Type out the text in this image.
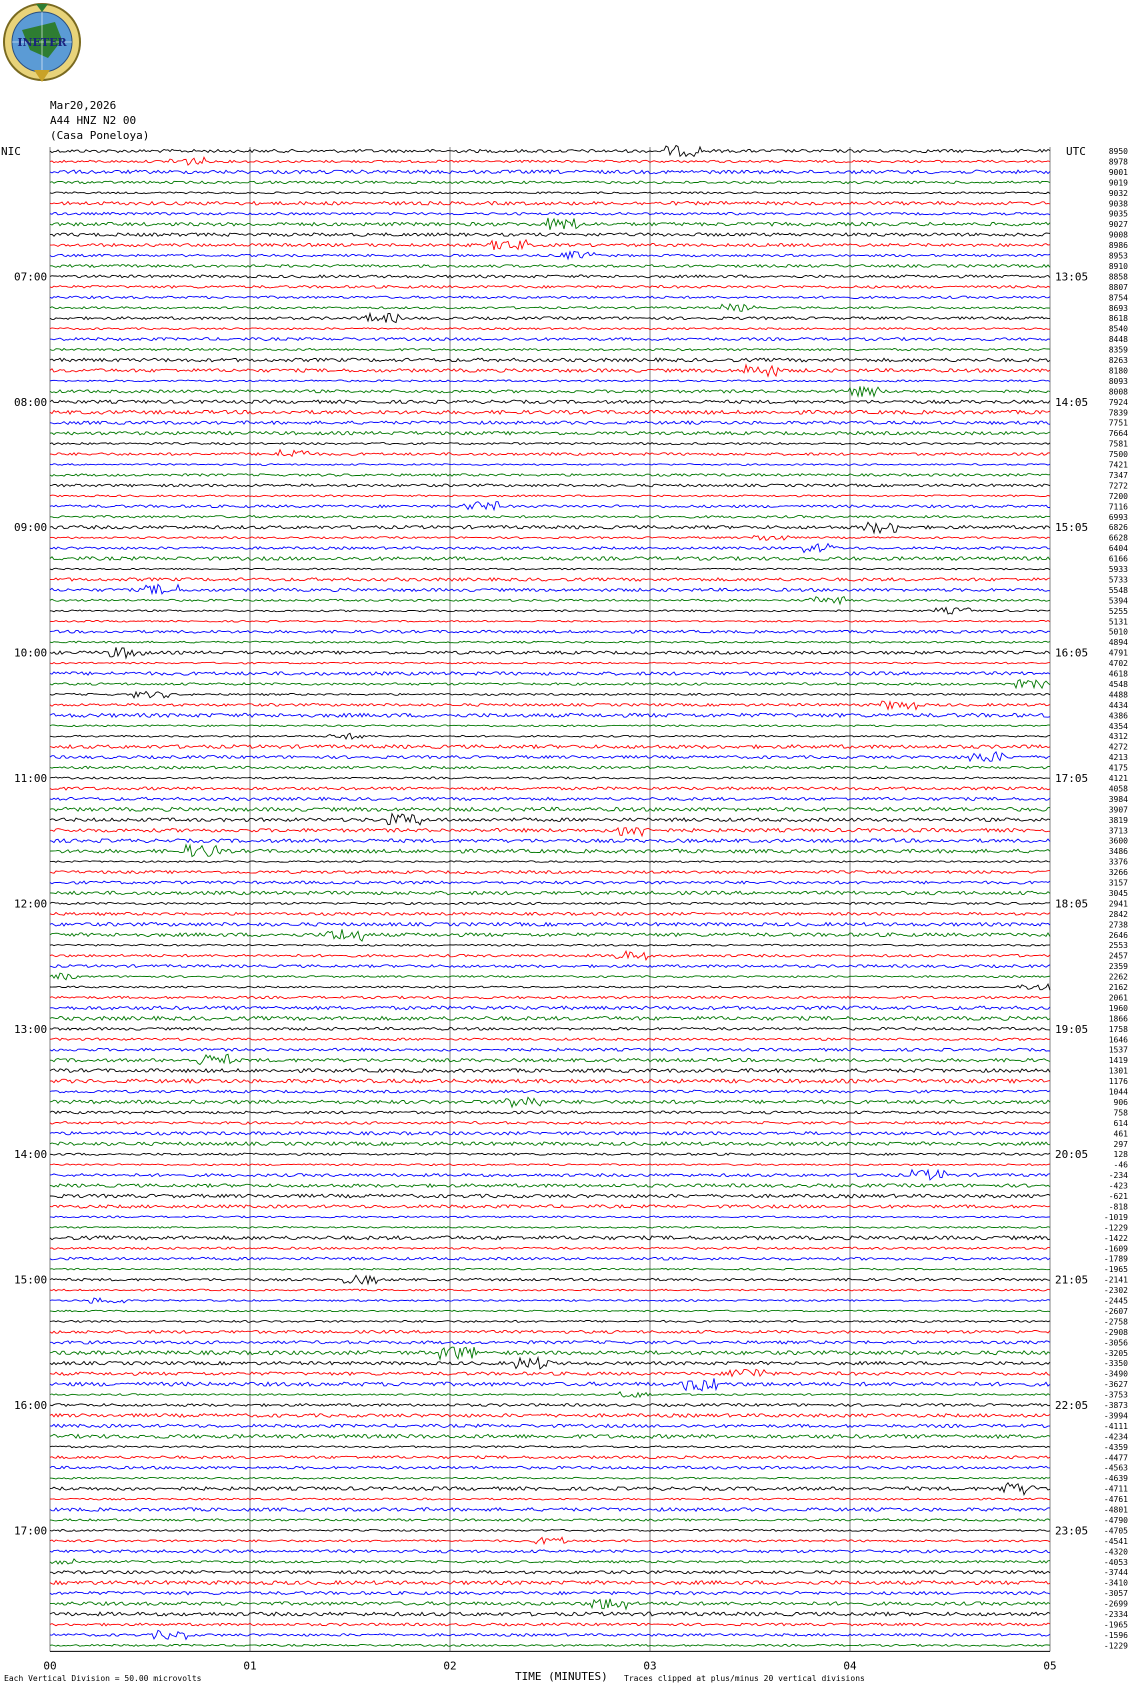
INETER
Mar20,2026
A44 HNZ N2 00
(Casa Poneloya)
00	01	02	03	04	05
8950
8978
9001
9019
9032
9038
9035
9027
9008
8986
8953
8910
8858
8807
8754
8693
8618
8540
8448
8359
8263
8180
8093
8008
7924
7839
7751
7664
7581
7500
7421
7347
7272
7200
7116
6993
6826
6628
6404
6166
5933
5733
5548
5394
5255
5131
5010
4894
4791
4702
4618
4548
4488
4434
4386
4354
4312
4272
4213
4175
4121
4058
3984
3907
3819
3713
3600
3486
3376
3266
3157
3045
2941
2842
2738
2646
2553
2457
2359
2262
2162
2061
1960
1866
1758
1646
1537
1419
1301
1176
1044
906
758
614
461
297
128
-46
-234
-423
-621
-818
-1019
-1229
-1422
-1609
-1789
-1965
-2141
-2302
-2445
-2607
-2758
-2908
-3056
-3205
-3350
-3490
-3627
-3753
-3873
-3994
-4111
-4234
-4359
-4477
-4563
-4639
-4711
-4761
-4801
-4790
-4705
-4541
-4320
-4053
-3744
-3410
-3057
-2699
-2334
-1965
-1596
-1229
07:00	13:05
08:00	14:05
09:00	15:05
10:00	16:05
11:00	17:05
12:00	18:05
13:00	19:05
14:00	20:05
15:00	21:05
16:00	22:05
17:00	23:05
NIC	UTC
TIME (MINUTES)
Each Vertical Division = 50.00 microvolts	Traces clipped at plus/minus 20 vertical divisions
